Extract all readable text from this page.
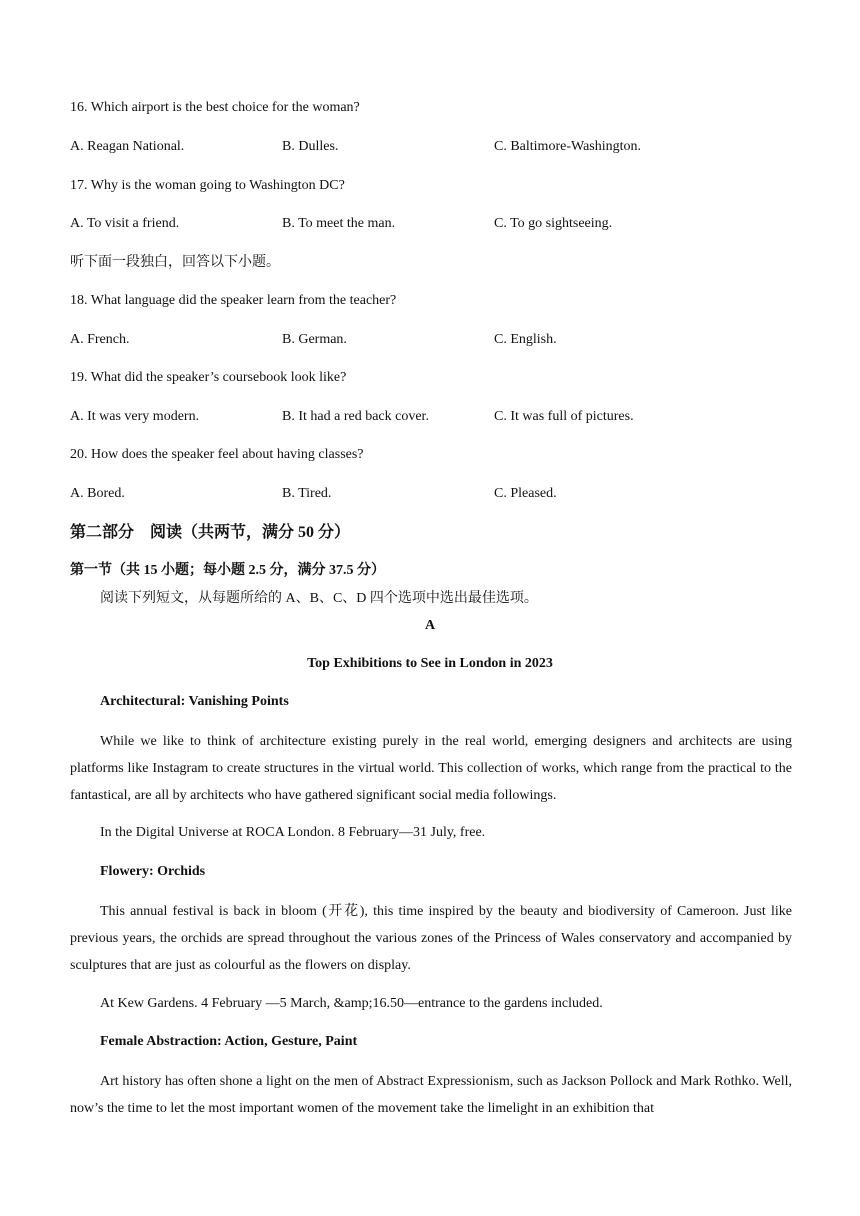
16. Which airport is the best choice for the woman?
A. Reagan National.	B. Dulles.	C. Baltimore-Washington.
17. Why is the woman going to Washington DC?
A. To visit a friend.	B. To meet the man.	C. To go sightseeing.
听下面一段独白，回答以下小题。
18. What language did the speaker learn from the teacher?
A. French.	B. German.	C. English.
19. What did the speaker’s coursebook look like?
A. It was very modern.	B. It had a red back cover.	C. It was full of pictures.
20. How does the speaker feel about having classes?
A. Bored.	B. Tired.	C. Pleased.
第二部分　阅读（共两节，满分 50 分）
第一节（共 15 小题；每小题 2.5 分，满分 37.5 分）
阅读下列短文，从每题所给的 A、B、C、D 四个选项中选出最佳选项。
A
Top Exhibitions to See in London in 2023
Architectural: Vanishing Points
While we like to think of architecture existing purely in the real world, emerging designers and architects are using platforms like Instagram to create structures in the virtual world. This collection of works, which range from the practical to the fantastical, are all by architects who have gathered significant social media followings.
In the Digital Universe at ROCA London. 8 February—31 July, free.
Flowery: Orchids
This annual festival is back in bloom (开花), this time inspired by the beauty and biodiversity of Cameroon. Just like previous years, the orchids are spread throughout the various zones of the Princess of Wales conservatory and accompanied by sculptures that are just as colourful as the flowers on display.
At Kew Gardens. 4 February —5 March, &amp;16.50—entrance to the gardens included.
Female Abstraction: Action, Gesture, Paint
Art history has often shone a light on the men of Abstract Expressionism, such as Jackson Pollock and Mark Rothko. Well, now’s the time to let the most important women of the movement take the limelight in an exhibition that
